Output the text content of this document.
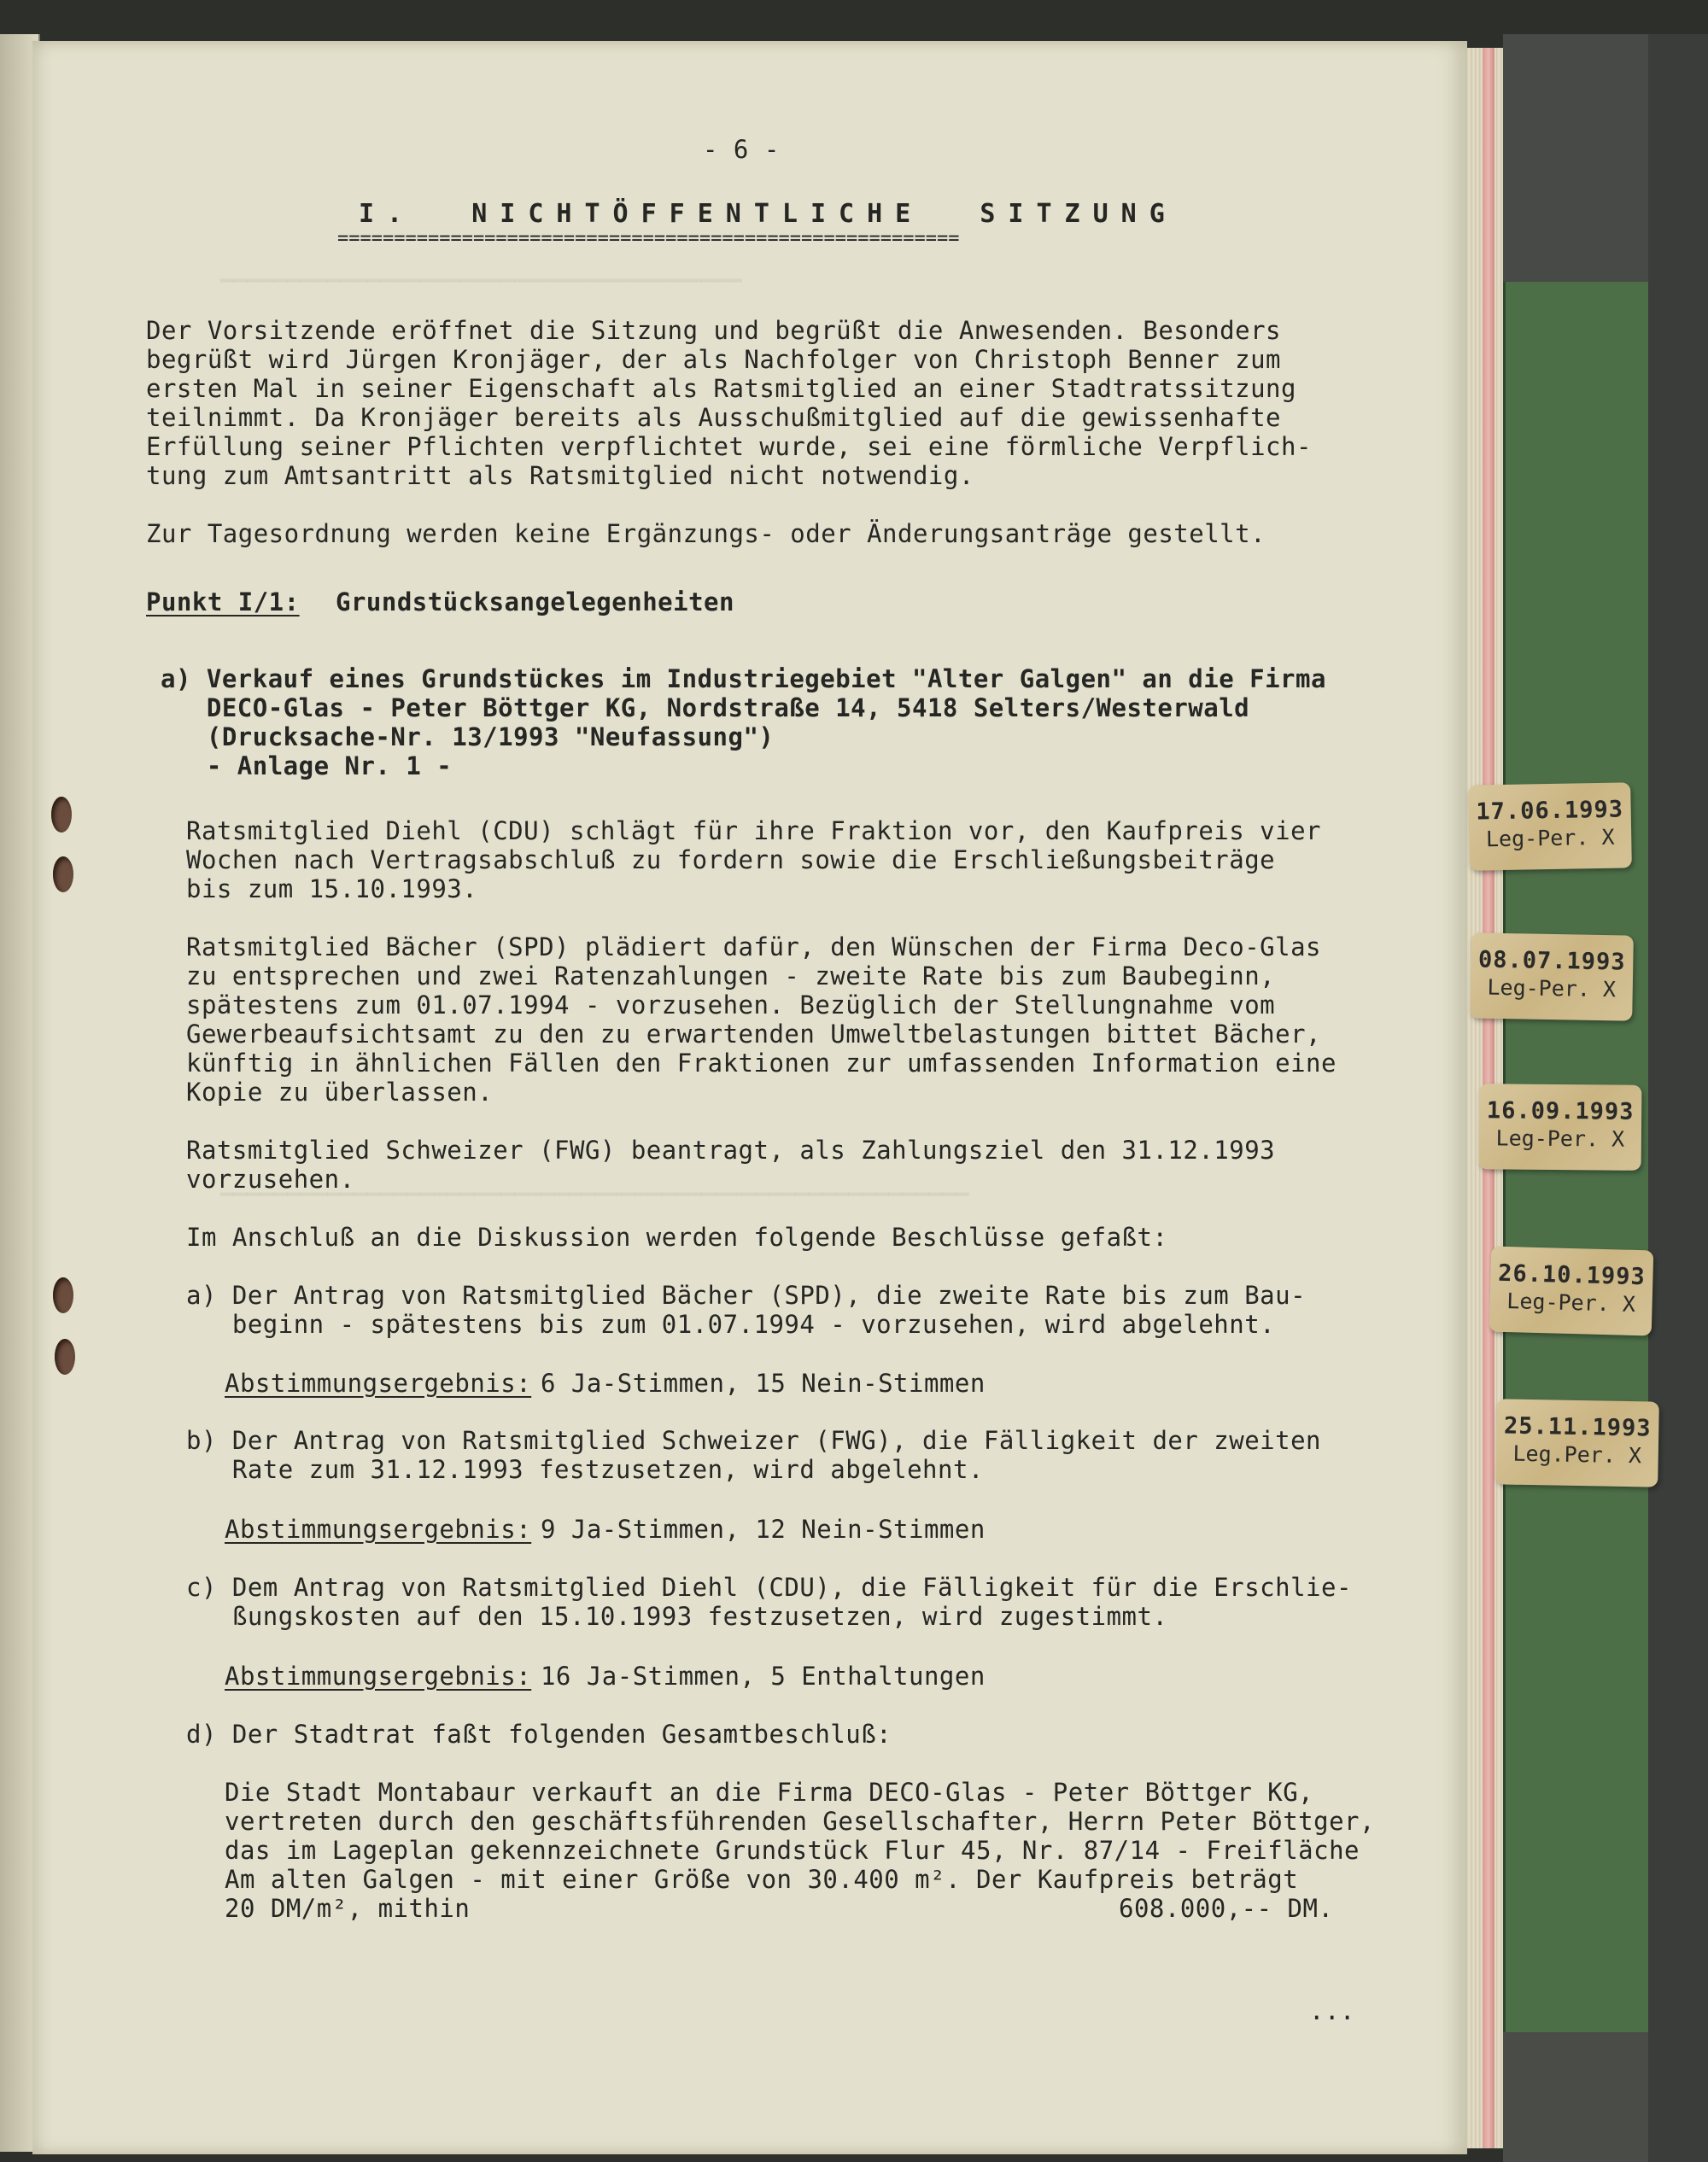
▔▔▔▔▔▔▔▔▔▔▔▔▔▔▔▔▔▔▔▔▔▔▔▔▔▔▔▔▔▔▔▔▔▔▔▔▔▔▔
▔▔▔▔▔▔▔▔▔▔▔▔▔▔▔▔▔▔▔▔▔▔▔▔▔▔▔▔▔▔▔▔▔▔▔▔▔▔▔▔▔▔▔▔▔▔▔▔▔▔▔▔▔▔▔▔
- 6 -
I.  NICHTÖFFENTLICHE  SITZUNG
=======================================================
Der Vorsitzende eröffnet die Sitzung und begrüßt die Anwesenden. Besonders
begrüßt wird Jürgen Kronjäger, der als Nachfolger von Christoph Benner zum
ersten Mal in seiner Eigenschaft als Ratsmitglied an einer Stadtratssitzung
teilnimmt. Da Kronjäger bereits als Ausschußmitglied auf die gewissenhafte
Erfüllung seiner Pflichten verpflichtet wurde, sei eine förmliche Verpflich-
tung zum Amtsantritt als Ratsmitglied nicht notwendig.
Zur Tagesordnung werden keine Ergänzungs- oder Änderungsanträge gestellt.
Punkt I/1: Grundstücksangelegenheiten
a) Verkauf eines Grundstückes im Industriegebiet "Alter Galgen" an die Firma
DECO-Glas - Peter Böttger KG, Nordstraße 14, 5418 Selters/Westerwald
(Drucksache-Nr. 13/1993 "Neufassung")
- Anlage Nr. 1 -
Ratsmitglied Diehl (CDU) schlägt für ihre Fraktion vor, den Kaufpreis vier
Wochen nach Vertragsabschluß zu fordern sowie die Erschließungsbeiträge
bis zum 15.10.1993.
Ratsmitglied Bächer (SPD) plädiert dafür, den Wünschen der Firma Deco-Glas
zu entsprechen und zwei Ratenzahlungen - zweite Rate bis zum Baubeginn,
spätestens zum 01.07.1994 - vorzusehen. Bezüglich der Stellungnahme vom
Gewerbeaufsichtsamt zu den zu erwartenden Umweltbelastungen bittet Bächer,
künftig in ähnlichen Fällen den Fraktionen zur umfassenden Information eine
Kopie zu überlassen.
Ratsmitglied Schweizer (FWG) beantragt, als Zahlungsziel den 31.12.1993
vorzusehen.
Im Anschluß an die Diskussion werden folgende Beschlüsse gefaßt:
a) Der Antrag von Ratsmitglied Bächer (SPD), die zweite Rate bis zum Bau-
beginn - spätestens bis zum 01.07.1994 - vorzusehen, wird abgelehnt.
Abstimmungsergebnis:
6 Ja-Stimmen, 15 Nein-Stimmen
b) Der Antrag von Ratsmitglied Schweizer (FWG), die Fälligkeit der zweiten
Rate zum 31.12.1993 festzusetzen, wird abgelehnt.
Abstimmungsergebnis:
9 Ja-Stimmen, 12 Nein-Stimmen
c) Dem Antrag von Ratsmitglied Diehl (CDU), die Fälligkeit für die Erschlie-
ßungskosten auf den 15.10.1993 festzusetzen, wird zugestimmt.
Abstimmungsergebnis:
16 Ja-Stimmen, 5 Enthaltungen
d) Der Stadtrat faßt folgenden Gesamtbeschluß:
Die Stadt Montabaur verkauft an die Firma DECO-Glas - Peter Böttger KG,
vertreten durch den geschäftsführenden Gesellschafter, Herrn Peter Böttger,
das im Lageplan gekennzeichnete Grundstück Flur 45, Nr. 87/14 - Freifläche
Am alten Galgen - mit einer Größe von 30.400 m². Der Kaufpreis beträgt
20 DM/m², mithin	608.000,-- DM.
...
17.06.1993
Leg-Per. X
08.07.1993
Leg-Per. X
16.09.1993
Leg-Per. X
26.10.1993
Leg-Per. X
25.11.1993
Leg.Per. X
